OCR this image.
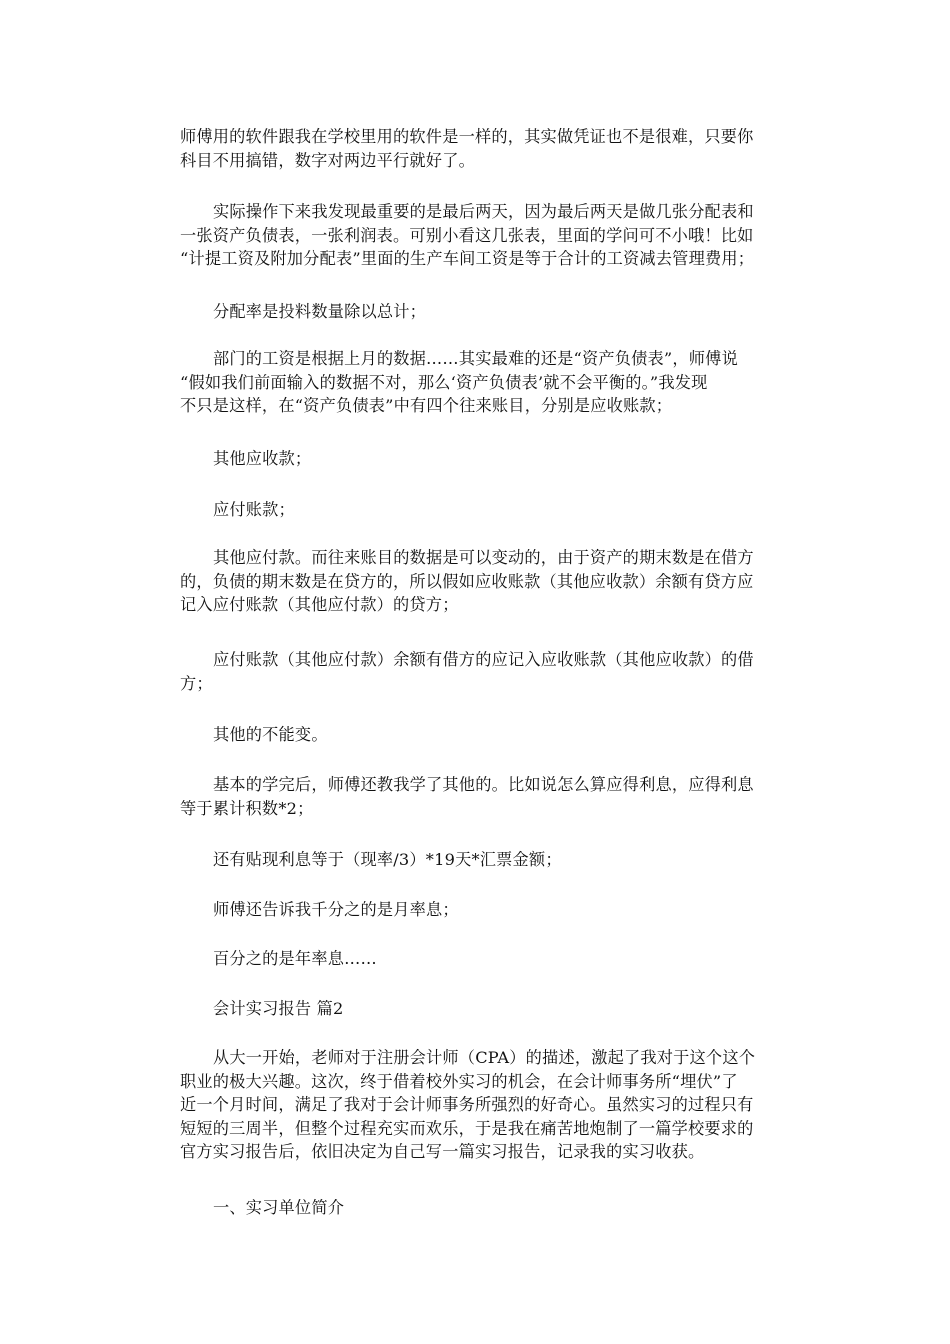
师傅用的软件跟我在学校里用的软件是一样的，其实做凭证也不是很难，只要你
科目不用搞错，数字对两边平行就好了。
实际操作下来我发现最重要的是最后两天，因为最后两天是做几张分配表和
一张资产负债表，一张利润表。可别小看这几张表，里面的学问可不小哦！比如
“计提工资及附加分配表”里面的生产车间工资是等于合计的工资减去管理费用；
分配率是投料数量除以总计；
部门的工资是根据上月的数据……其实最难的还是“资产负债表”，师傅说
“假如我们前面输入的数据不对，那么‘资产负债表’就不会平衡的。”我发现
不只是这样，在“资产负债表”中有四个往来账目，分别是应收账款；
其他应收款；
应付账款；
其他应付款。而往来账目的数据是可以变动的，由于资产的期末数是在借方
的，负债的期末数是在贷方的，所以假如应收账款（其他应收款）余额有贷方应
记入应付账款（其他应付款）的贷方；
应付账款（其他应付款）余额有借方的应记入应收账款（其他应收款）的借
方；
其他的不能变。
基本的学完后，师傅还教我学了其他的。比如说怎么算应得利息，应得利息
等于累计积数*2；
还有贴现利息等于（现率/3）*19天*汇票金额；
师傅还告诉我千分之的是月率息；
百分之的是年率息……
会计实习报告 篇2
从大一开始，老师对于注册会计师（CPA）的描述，激起了我对于这个这个
职业的极大兴趣。这次，终于借着校外实习的机会，在会计师事务所“埋伏”了
近一个月时间，满足了我对于会计师事务所强烈的好奇心。虽然实习的过程只有
短短的三周半，但整个过程充实而欢乐，于是我在痛苦地炮制了一篇学校要求的
官方实习报告后，依旧决定为自己写一篇实习报告，记录我的实习收获。
一、实习单位简介
